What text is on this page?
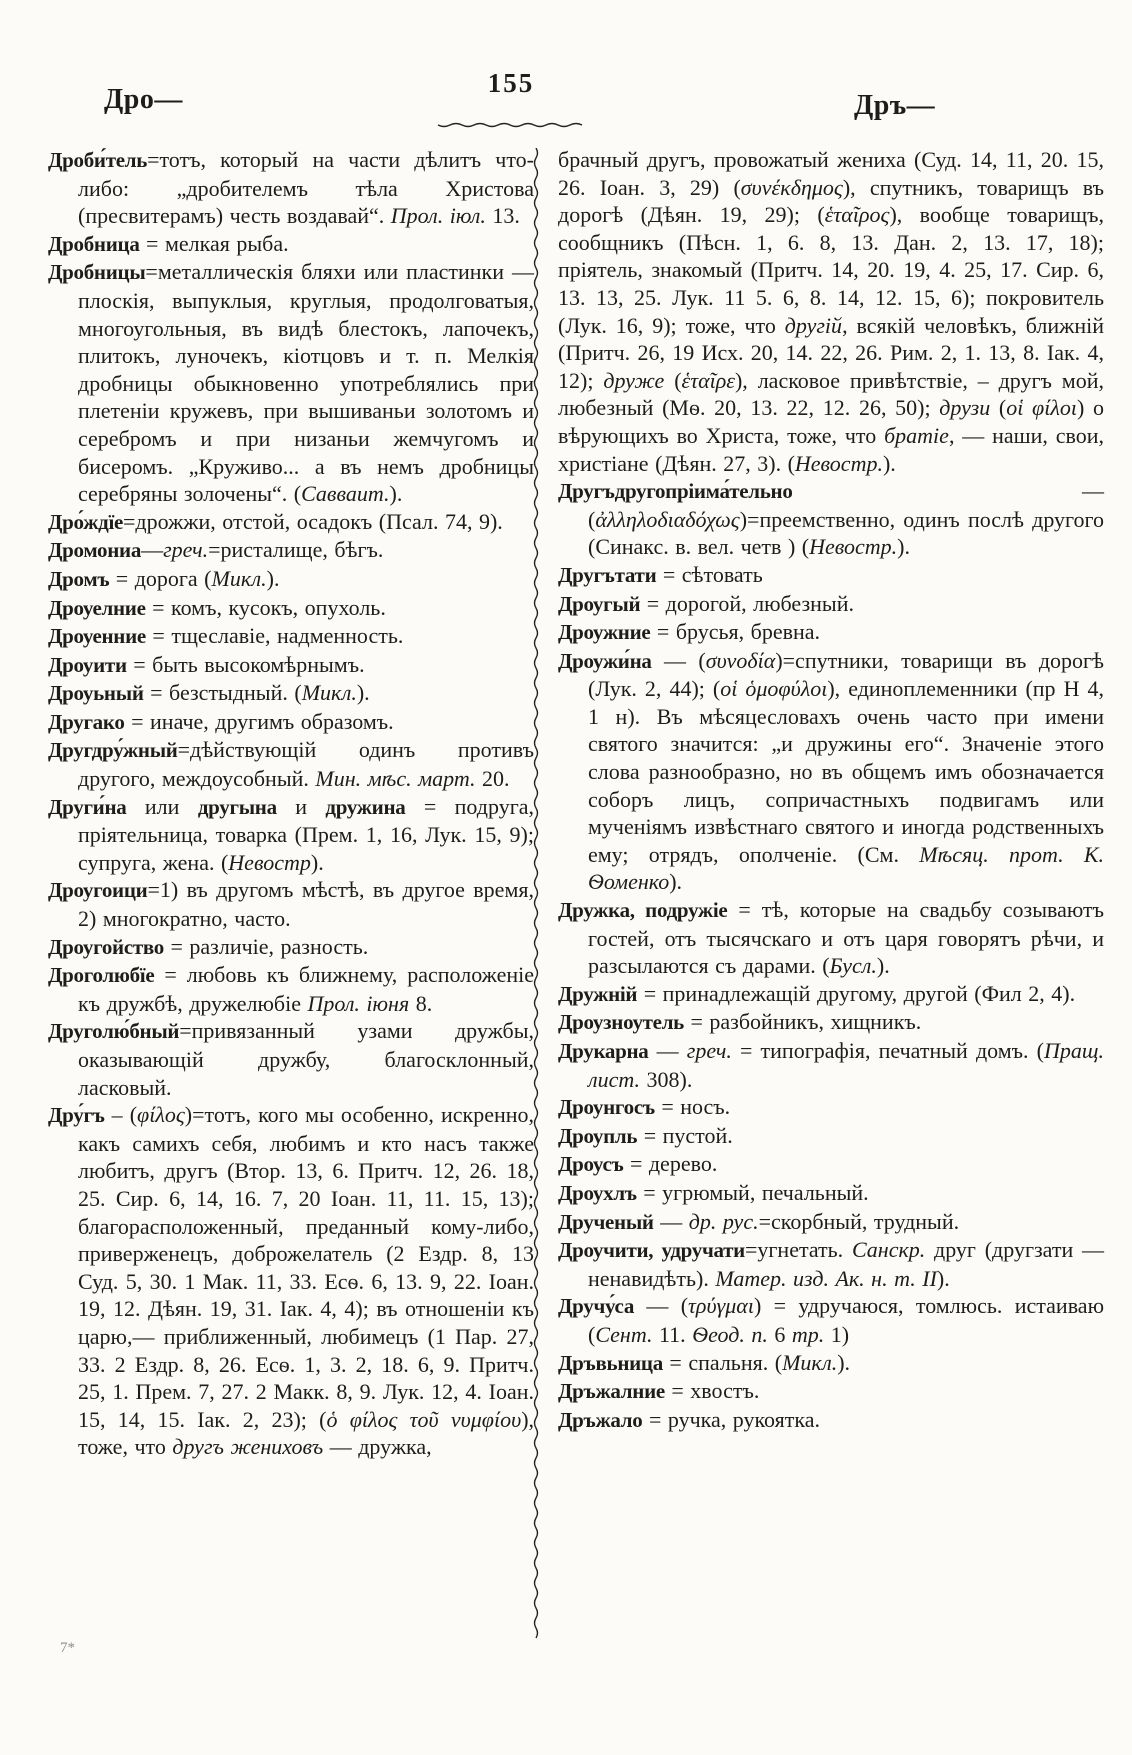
Дро—
155
Дръ—

Дроби́тель=тотъ, который на части дѣлитъ что-либо: „дробителемъ тѣла Христова (пресвитерамъ) честь воздавай“. Прол. іюл. 13.

Дробница = мелкая рыба.

Дробницы=металлическія бляхи или пластинки — плоскія, выпуклыя, круглыя, продолговатыя, многоугольныя, въ видѣ блестокъ, лапочекъ, плитокъ, луночекъ, кіотцовъ и т. п. Мелкія дробницы обыкновенно употреблялись при плетеніи кружевъ, при вышиваньи золотомъ и серебромъ и при низаньи жемчугомъ и бисеромъ. „Круживо... а въ немъ дробницы серебряны золочены“. (Савваит.).

Дро́ждїе=дрожжи, отстой, осадокъ (Псал. 74, 9).

Дромониа—греч.=ристалище, бѣгъ.

Дромъ = дорога (Микл.).

Дроуелние = комъ, кусокъ, опухоль.

Дроуенние = тщеславіе, надменность.

Дроуити = быть высокомѣрнымъ.

Дроуьный = безстыдный. (Микл.).

Другако = иначе, другимъ образомъ.

Другдру́жный=дѣйствующій одинъ противъ другого, междоусобный. Мин. мѣс. март. 20.

Други́на или другына и дружина = подруга, пріятельница, товарка (Прем. 1, 16, Лук. 15, 9); супруга, жена. (Невостр).

Дроугоици=1) въ другомъ мѣстѣ, въ другое время, 2) многократно, часто.

Дроугойство = различіе, разность.

Дроголюбїе = любовь къ ближнему, расположеніе къ дружбѣ, дружелюбіе Прол. іюня 8.

Друголю́бный=привязанный узами дружбы, оказывающій дружбу, благосклонный, ласковый.

Дру́гъ – (φίλος)=тотъ, кого мы особенно, искренно, какъ самихъ себя, любимъ и кто насъ также любитъ, другъ (Втор. 13, 6. Притч. 12, 26. 18, 25. Сир. 6, 14, 16. 7, 20 Іоан. 11, 11. 15, 13); благорасположенный, преданный кому-либо, приверженецъ, доброжелатель (2 Ездр. 8, 13 Суд. 5, 30. 1 Мак. 11, 33. Есѳ. 6, 13. 9, 22. Іоан. 19, 12. Дѣян. 19, 31. Іак. 4, 4); въ отношеніи къ царю,— приближенный, любимецъ (1 Пар. 27, 33. 2 Ездр. 8, 26. Есѳ. 1, 3. 2, 18. 6, 9. Притч. 25, 1. Прем. 7, 27. 2 Макк. 8, 9. Лук. 12, 4. Іоан. 15, 14, 15. Іак. 2, 23); (ὁ φίλος τοῦ νυμφίου), тоже, что другъ жениховъ — дружка,

брачный другъ, провожатый жениха (Суд. 14, 11, 20. 15, 26. Іоан. 3, 29) (συνέκδημος), спутникъ, товарищъ въ дорогѣ (Дѣян. 19, 29); (ἑταῖρος), вообще товарищъ, сообщникъ (Пѣсн. 1, 6. 8, 13. Дан. 2, 13. 17, 18); пріятель, знакомый (Притч. 14, 20. 19, 4. 25, 17. Сир. 6, 13. 13, 25. Лук. 11 5. 6, 8. 14, 12. 15, 6); покровитель (Лук. 16, 9); тоже, что другій, всякій человѣкъ, ближній (Притч. 26, 19 Исх. 20, 14. 22, 26. Рим. 2, 1. 13, 8. Іак. 4, 12); друже (ἑταῖρε), ласковое привѣтствіе, – другъ мой, любезный (Мѳ. 20, 13. 22, 12. 26, 50); друзи (οἱ φίλοι) о вѣрующихъ во Христа, тоже, что братіе, — наши, свои, христіане (Дѣян. 27, 3). (Невостр.).

Другъдругопріима́тельно — (ἀλληλοδιαδόχως)=преемственно, одинъ послѣ другого (Синакс. в. вел. четв ) (Невостр.).

Другътати = сѣтовать

Дроугый = дорогой, любезный.

Дроужние = брусья, бревна.

Дроужи́на — (συνοδία)=спутники, товарищи въ дорогѣ (Лук. 2, 44); (οἱ ὁμοφύλοι), единоплеменники (пр Н 4, 1 н). Въ мѣсяцесловахъ очень часто при имени святого значится: „и дружины его“. Значеніе этого слова разнообразно, но въ общемъ имъ обозначается соборъ лицъ, сопричастныхъ подвигамъ или мученіямъ извѣстнаго святого и иногда родственныхъ ему; отрядъ, ополченіе. (См. Мѣсяц. прот. К. Ѳоменко).

Дружка, подружіе = тѣ, которые на свадьбу созываютъ гостей, отъ тысячскаго и отъ царя говорятъ рѣчи, и разсылаются съ дарами. (Бусл.).

Дружній = принадлежащій другому, другой (Фил 2, 4).

Дроузноутель = разбойникъ, хищникъ.

Друкарна — греч. = типографія, печатный домъ. (Пращ. лист. 308).

Дроунгосъ = носъ.

Дроупль = пустой.

Дроусъ = дерево.

Дроухлъ = угрюмый, печальный.

Друченый — др. рус.=скорбный, трудный.

Дроучити, удручати=угнетать. Санскр. друг (другзати — ненавидѣть). Матер. изд. Ак. н. т. ІІ).

Дручу́са — (τρύγμαι) = удручаюся, томлюсь. истаиваю (Сент. 11. Ѳеод. п. 6 тр. 1)

Дръвьница = спальня. (Микл.).

Дръжалние = хвостъ.

Дръжало = ручка, рукоятка.

7*
